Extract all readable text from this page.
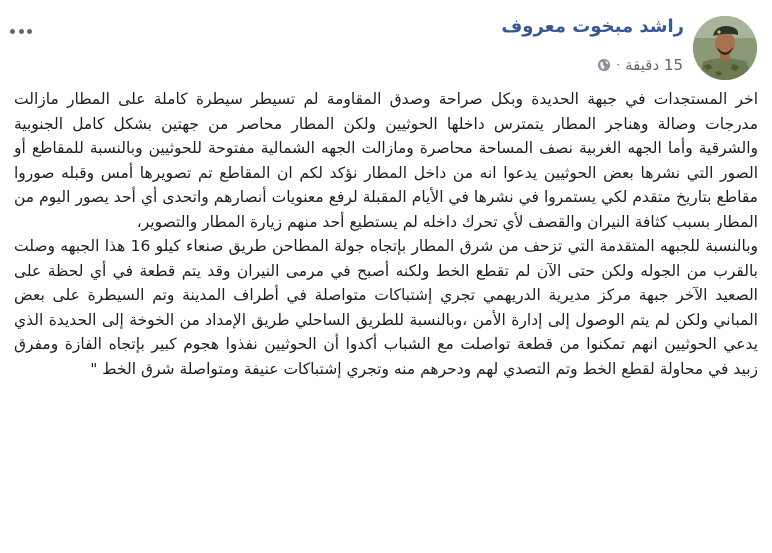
راشد مبخوت معروف
15 دقيقة
·

اخر المستجدات في جبهة الحديدة وبكل صراحة وصدق المقاومة لم تسيطر سيطرة كاملة على المطار مازالت مدرجات وصالة وهناجر المطار يتمترس داخلها الحوثيين ولكن المطار محاصر من جهتين بشكل كامل الجنوبية والشرقية وأما الجهه الغربية نصف المساحة محاصرة ومازالت الجهه الشمالية مفتوحة للحوثيين وبالنسبة للمقاطع أو الصور التي نشرها بعض الحوثيين يدعوا انه من داخل المطار نؤكد لكم ان المقاطع تم تصويرها أمس وقبله صوروا مقاطع بتاريخ متقدم لكي يستمروا في نشرها في الأيام المقبلة لرفع معنويات أنصارهم واتحدى أي أحد يصور اليوم من المطار بسبب كثافة النيران والقصف لأي تحرك داخله لم يستطيع أحد منهم زيارة المطار والتصوير،

وبالنسبة للجبهه المتقدمة التي تزحف من شرق المطار بإتجاه جولة المطاحن طريق صنعاء كيلو 16 هذا الجبهه وصلت بالقرب من الجوله ولكن حتى الآن لم تقطع الخط ولكنه أصبح في مرمى النيران وقد يتم قطعة في أي لحظة على الصعيد الآخر جبهة مركز مديرية الدريهمي تجري إشتباكات متواصلة في أطراف المدينة وتم السيطرة على بعض المباني ولكن لم يتم الوصول إلى إدارة الأمن ،وبالنسبة للطريق الساحلي طريق الإمداد من الخوخة إلى الحديدة الذي يدعي الحوثيين انهم تمكنوا من قطعة تواصلت مع الشباب أكدوا أن الحوثيين نفذوا هجوم كبير بإتجاه الفازة ومفرق زبيد في محاولة لقطع الخط وتم التصدي لهم ودحرهم منه وتجري إشتباكات عنيفة ومتواصلة شرق الخط "
